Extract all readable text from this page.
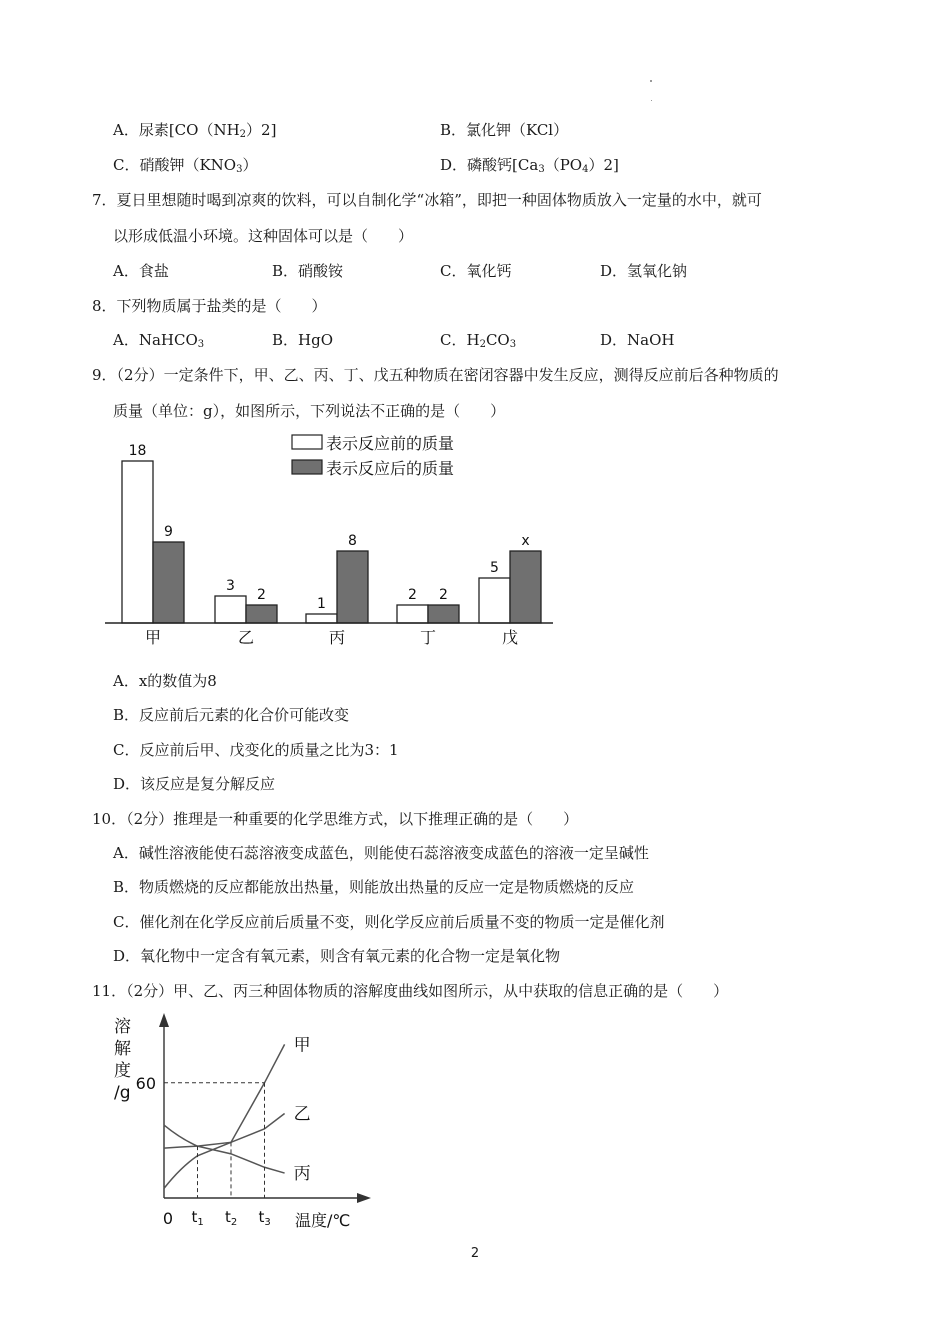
A．尿素$[CO(NH_2)2]$	B．氯化钾（KCl）
C．硝酸钾$(KNO_3)$	D．磷酸钙$[Ca_3(PO_4)2]$
7．夏日里想随时喝到凉爽的饮料，可以自制化学“冰箱”，即把一种固体物质放入一定量的水中，就可
以形成低温小环境。这种固体可以是（　　）
A．食盐	B．硝酸铵	C．氧化钙	D．氢氧化钠
8．下列物质属于盐类的是（　　）
A．NaHCO$_3$	B．HgO	C．$H_2CO_3$	D．NaOH
9．（2分）一定条件下，甲、乙、丙、丁、戊五种物质在密闭容器中发生反应，测得反应前后各种物质的
质量（单位：g），如图所示，下列说法不正确的是（　　）
18
9
甲
3
2
乙
1
8
丙
2 2
丁
5
x
戊
表示反应前的质量
表示反应后的质量
A．x的数值为8
B．反应前后元素的化合价可能改变
C．反应前后甲、戊变化的质量之比为3：1
D．该反应是复分解反应
10．（2分）推理是一种重要的化学思维方式，以下推理正确的是（　　）
A．碱性溶液能使石蕊溶液变成蓝色，则能使石蕊溶液变成蓝色的溶液一定呈碱性
B．物质燃烧的反应都能放出热量，则能放出热量的反应一定是物质燃烧的反应
C．催化剂在化学反应前后质量不变，则化学反应前后质量不变的物质一定是催化剂
D．氧化物中一定含有氧元素，则含有氧元素的化合物一定是氧化物
11．（2分）甲、乙、丙三种固体物质的溶解度曲线如图所示，从中获取的信息正确的是（　　）
溶
解
度
/g 60
0
甲
乙
丙
$t_1$ $t_2$ $t_3$ 温度/℃
2
